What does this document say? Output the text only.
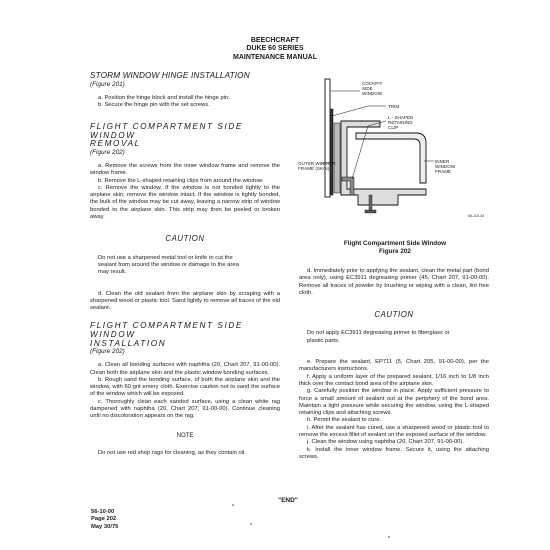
BEECHCRAFT
DUKE 60 SERIES
MAINTENANCE MANUAL

STORM WINDOW HINGE INSTALLATION

(Figure 201)

a. Position the hinge block and install the hinge pin.

b. Secure the hinge pin with the set screws.

FLIGHT COMPARTMENT SIDE WINDOW

REMOVAL

(Figure 202)

a. Remove the screws from the inner window frame and remove the window frame.

b. Remove the L-shaped retaining clips from around the window.

c. Remove the window. If the window is not bonded tightly to the airplane skin, remove the window intact. If the window is tightly bonded, the bulk of the window may be cut away, leaving a narrow strip of window bonded to the airplane skin. This strip may then be peeled or broken away.

CAUTION

Do not use a sharpened metal tool or knife to cut the sealant from around the window or damage to the area may result.

d. Clean the old sealant from the airplane skin by scraping with a sharpened wood or plastic tool. Sand lightly to remove all traces of the old sealant.

FLIGHT COMPARTMENT SIDE WINDOW

INSTALLATION

(Figure 202)

a. Clean all bonding surfaces with naphtha (20, Chart 207, 91-00-00). Clean both the airplane skin and the plastic window bonding surfaces.

b. Rough sand the bonding surface, of both the airplane skin and the window, with 60 grit emery cloth. Exercise caution not to sand the surface of the window which will be exposed.

c. Thoroughly clean each sanded surface, using a clean white rag dampened with naphtha (20, Chart 207, 91-00-00). Continue cleaning until no discoloration appears on the rag.

NOTE

Do not use red shop rags for cleaning, as they contain oil.

COCKPIT
SIDE
WINDOW
TRIM
L - SHAPED
RETAINING
CLIP
OUTER WINDOW
FRAME (SKIN)
INNER
WINDOW
FRAME
60-110-34
Flight Compartment Side Window
Figure 202

d. Immediately prior to applying the sealant, clean the metal part (bond area only), using EC3911 degreasing primer (45, Chart 207, 91-00-00). Remove all traces of powder by brushing or wiping with a clean, lint free cloth.

CAUTION

Do not apply EC3911 degreasing primer to fiberglass or plastic parts.

e. Prepare the sealant, EP711 (5, Chart 205, 91-00-00), per the manufacturers instructions.

f. Apply a uniform layer of the prepared sealant, 1/16 inch to 1/8 inch thick over the contact bond area of the airplane skin.

g. Carefully position the window in place. Apply sufficient pressure to force a small amount of sealant out at the periphery of the bond area. Maintain a light pressure while securing the window, using the L-shaped retaining clips and attaching screws.

h. Permit the sealant to cure.

i. After the sealant has cured, use a sharpened wood or plastic tool to remove the excess fillet of sealant on the exposed surface of the window.

j. Clean the window using naphtha (20, Chart 207, 91-00-00).

k. Install the inner window frame. Secure it, using the attaching screws.

"END"
56-10-00
Page 202
May 30/75
